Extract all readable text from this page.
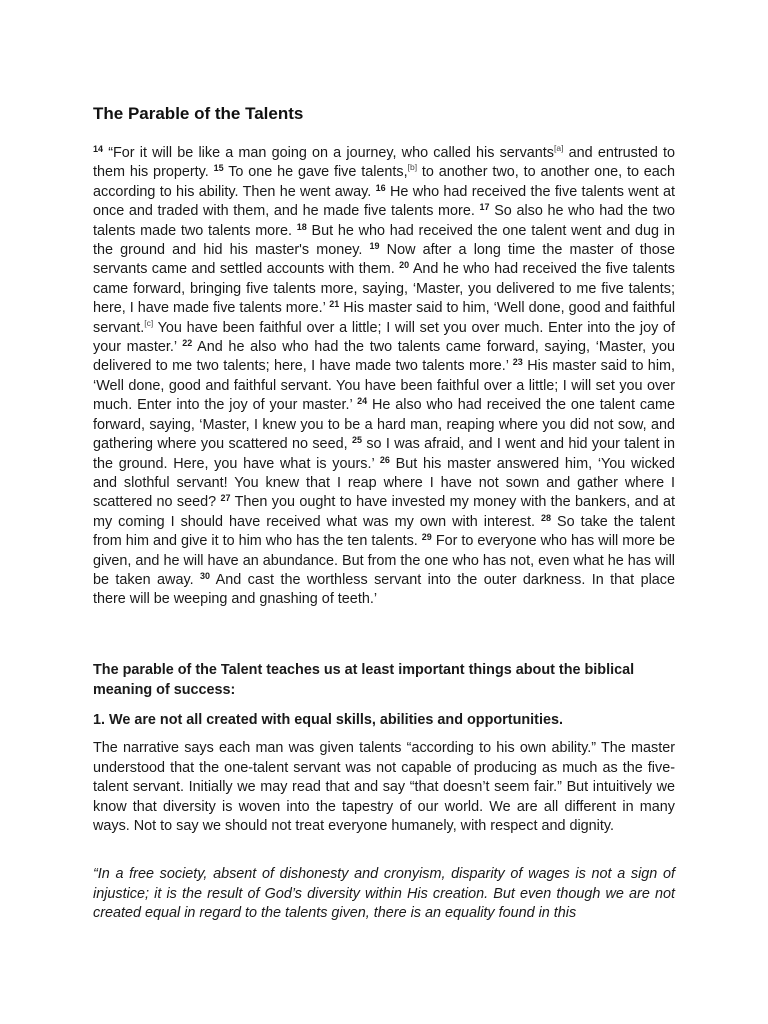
The Parable of the Talents
$^{14}$ “For it will be like a man going on a journey, who called his servants[a] and entrusted to them his property. $^{15}$ To one he gave five talents,[b] to another two, to another one, to each according to his ability. Then he went away. $^{16}$ He who had received the five talents went at once and traded with them, and he made five talents more. $^{17}$ So also he who had the two talents made two talents more. $^{18}$ But he who had received the one talent went and dug in the ground and hid his master's money. $^{19}$ Now after a long time the master of those servants came and settled accounts with them. $^{20}$ And he who had received the five talents came forward, bringing five talents more, saying, ‘Master, you delivered to me five talents; here, I have made five talents more.’ $^{21}$ His master said to him, ‘Well done, good and faithful servant.[c] You have been faithful over a little; I will set you over much. Enter into the joy of your master.’ $^{22}$ And he also who had the two talents came forward, saying, ‘Master, you delivered to me two talents; here, I have made two talents more.’ $^{23}$ His master said to him, ‘Well done, good and faithful servant. You have been faithful over a little; I will set you over much. Enter into the joy of your master.’ $^{24}$ He also who had received the one talent came forward, saying, ‘Master, I knew you to be a hard man, reaping where you did not sow, and gathering where you scattered no seed, $^{25}$ so I was afraid, and I went and hid your talent in the ground. Here, you have what is yours.’ $^{26}$ But his master answered him, ‘You wicked and slothful servant! You knew that I reap where I have not sown and gather where I scattered no seed? $^{27}$ Then you ought to have invested my money with the bankers, and at my coming I should have received what was my own with interest. $^{28}$ So take the talent from him and give it to him who has the ten talents. $^{29}$ For to everyone who has will more be given, and he will have an abundance. But from the one who has not, even what he has will be taken away. $^{30}$ And cast the worthless servant into the outer darkness. In that place there will be weeping and gnashing of teeth.’
The parable of the Talent teaches us at least important things about the biblical meaning of success:
1. We are not all created with equal skills, abilities and opportunities.
The narrative says each man was given talents “according to his own ability.” The master understood that the one-talent servant was not capable of producing as much as the five-talent servant. Initially we may read that and say “that doesn’t seem fair.” But intuitively we know that diversity is woven into the tapestry of our world. We are all different in many ways. Not to say we should not treat everyone humanely, with respect and dignity.
“In a free society, absent of dishonesty and cronyism, disparity of wages is not a sign of injustice; it is the result of God’s diversity within His creation. But even though we are not created equal in regard to the talents given, there is an equality found in this
